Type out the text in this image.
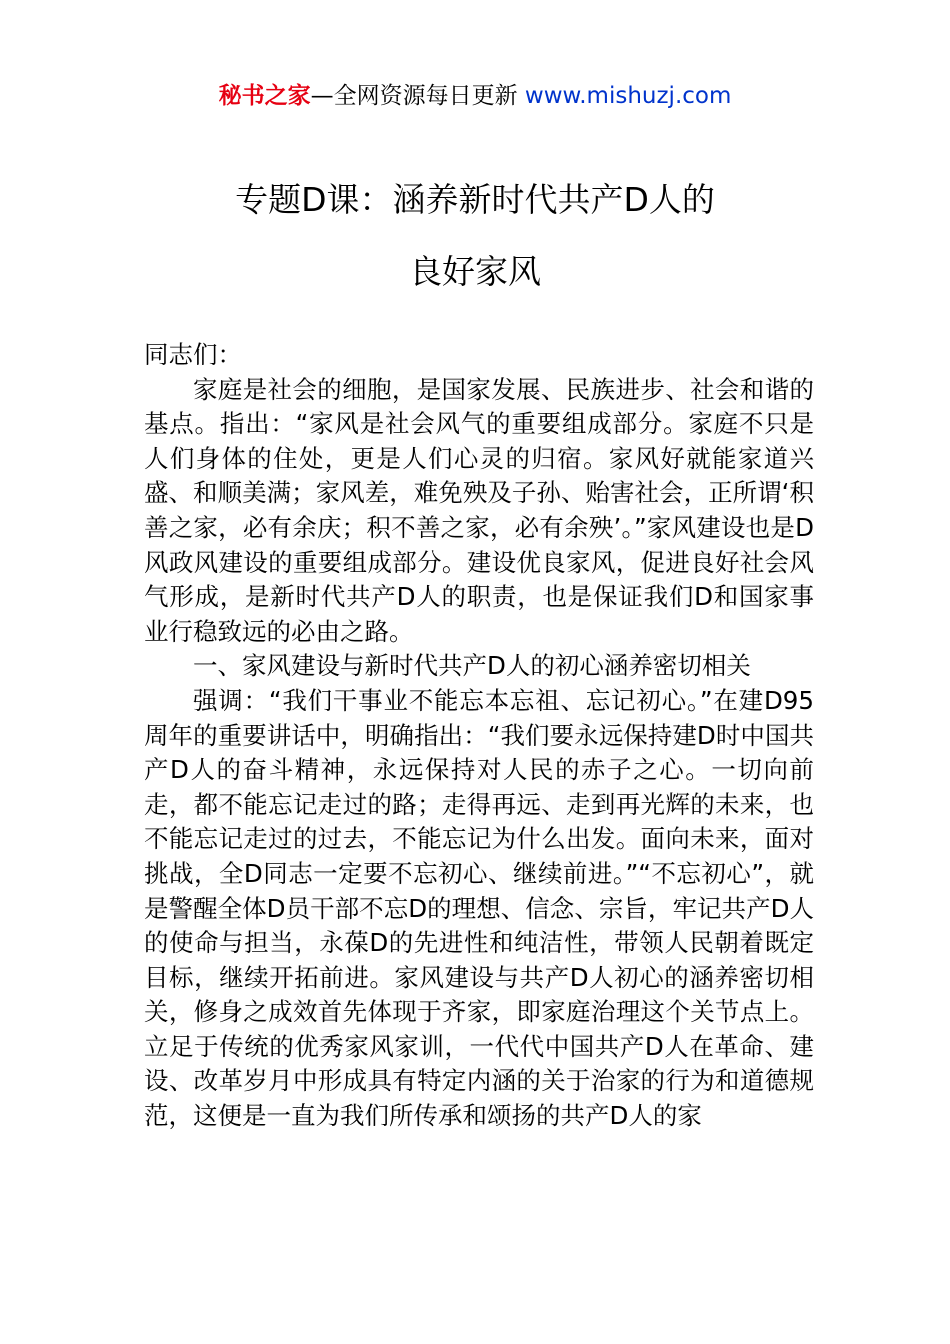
秘书之家—全网资源每日更新 www.mishuzj.com
专题D课：涵养新时代共产D人的
良好家风

同志们：

家庭是社会的细胞，是国家发展、民族进步、社会和谐的基点。指出：“家风是社会风气的重要组成部分。家庭不只是人们身体的住处，更是人们心灵的归宿。家风好就能家道兴盛、和顺美满；家风差，难免殃及子孙、贻害社会，正所谓‘积善之家，必有余庆；积不善之家，必有余殃’。”家风建设也是D风政风建设的重要组成部分。建设优良家风，促进良好社会风气形成，是新时代共产D人的职责，也是保证我们D和国家事业行稳致远的必由之路。

一、家风建设与新时代共产D人的初心涵养密切相关

强调：“我们干事业不能忘本忘祖、忘记初心。”在建D95周年的重要讲话中，明确指出：“我们要永远保持建D时中国共产D人的奋斗精神，永远保持对人民的赤子之心。一切向前走，都不能忘记走过的路；走得再远、走到再光辉的未来，也不能忘记走过的过去，不能忘记为什么出发。面向未来，面对挑战，全D同志一定要不忘初心、继续前进。”“不忘初心”，就是警醒全体D员干部不忘D的理想、信念、宗旨，牢记共产D人的使命与担当，永葆D的先进性和纯洁性，带领人民朝着既定目标，继续开拓前进。家风建设与共产D人初心的涵养密切相关，修身之成效首先体现于齐家，即家庭治理这个关节点上。立足于传统的优秀家风家训，一代代中国共产D人在革命、建设、改革岁月中形成具有特定内涵的关于治家的行为和道德规范，这便是一直为我们所传承和颂扬的共产D人的家
